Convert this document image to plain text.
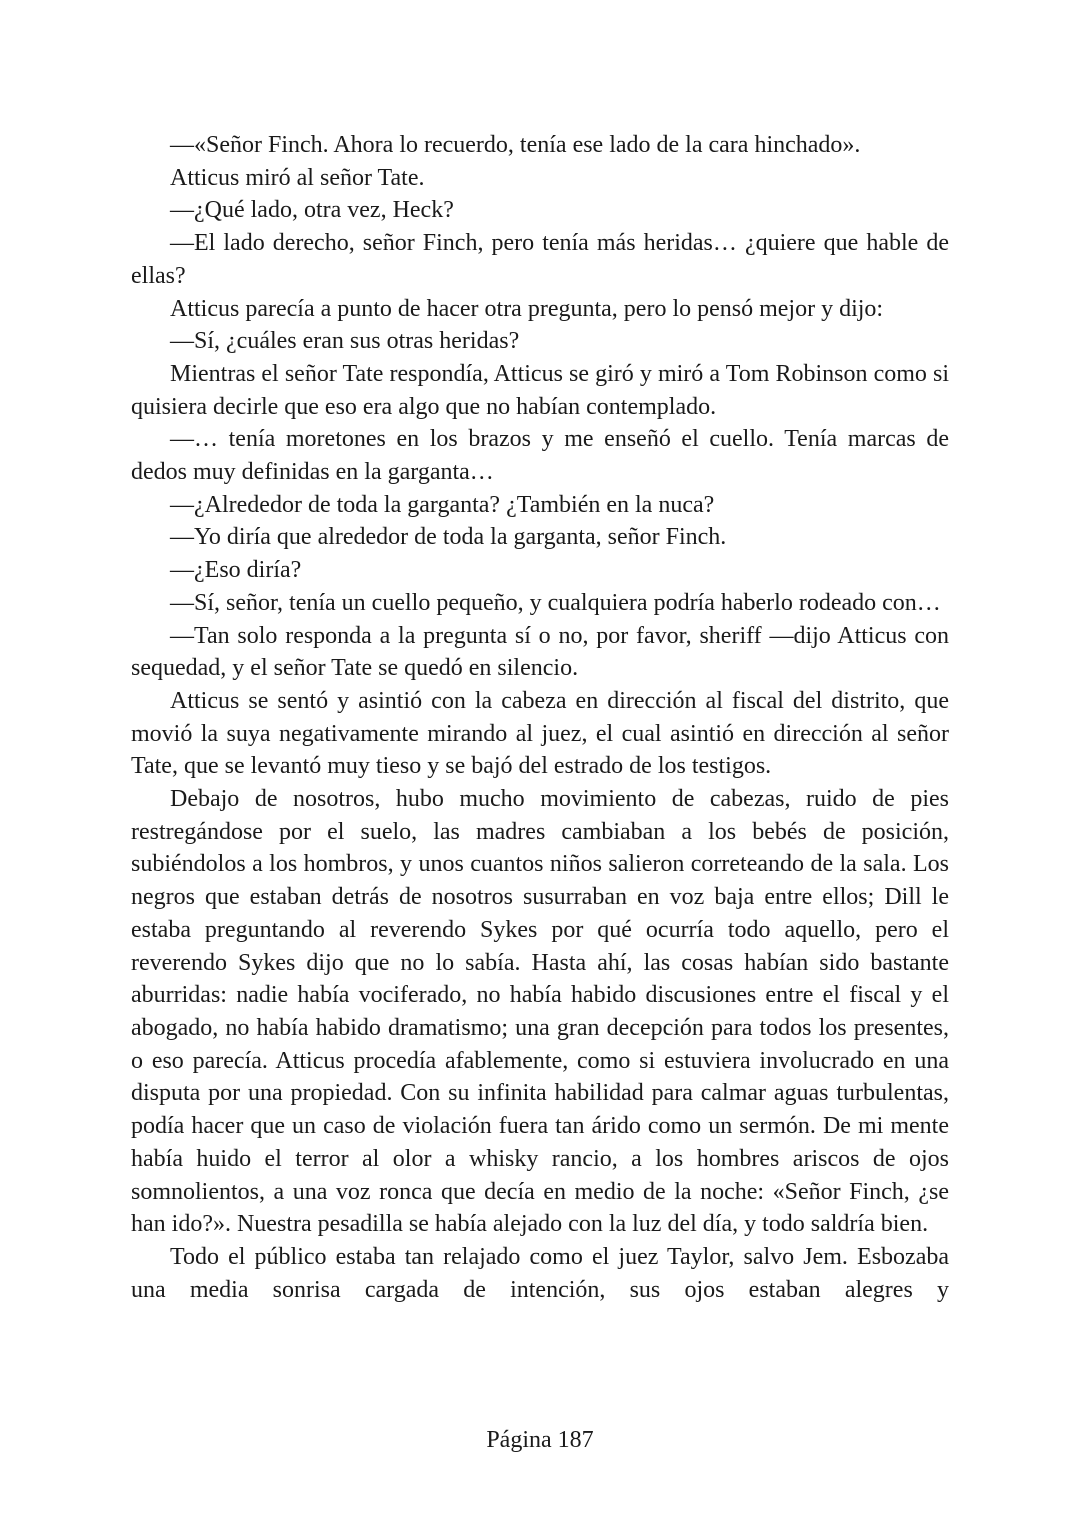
—«Señor Finch. Ahora lo recuerdo, tenía ese lado de la cara hinchado».

Atticus miró al señor Tate.

—¿Qué lado, otra vez, Heck?

—El lado derecho, señor Finch, pero tenía más heridas… ¿quiere que hable de ellas?

Atticus parecía a punto de hacer otra pregunta, pero lo pensó mejor y dijo:

—Sí, ¿cuáles eran sus otras heridas?

Mientras el señor Tate respondía, Atticus se giró y miró a Tom Robinson como si quisiera decirle que eso era algo que no habían contemplado.

—… tenía moretones en los brazos y me enseñó el cuello. Tenía marcas de dedos muy definidas en la garganta…

—¿Alrededor de toda la garganta? ¿También en la nuca?

—Yo diría que alrededor de toda la garganta, señor Finch.

—¿Eso diría?

—Sí, señor, tenía un cuello pequeño, y cualquiera podría haberlo rodeado con…

—Tan solo responda a la pregunta sí o no, por favor, sheriff —dijo Atticus con sequedad, y el señor Tate se quedó en silencio.

Atticus se sentó y asintió con la cabeza en dirección al fiscal del distrito, que movió la suya negativamente mirando al juez, el cual asintió en dirección al señor Tate, que se levantó muy tieso y se bajó del estrado de los testigos.

Debajo de nosotros, hubo mucho movimiento de cabezas, ruido de pies restregándose por el suelo, las madres cambiaban a los bebés de posición, subiéndolos a los hombros, y unos cuantos niños salieron correteando de la sala. Los negros que estaban detrás de nosotros susurraban en voz baja entre ellos; Dill le estaba preguntando al reverendo Sykes por qué ocurría todo aquello, pero el reverendo Sykes dijo que no lo sabía. Hasta ahí, las cosas habían sido bastante aburridas: nadie había vociferado, no había habido discusiones entre el fiscal y el abogado, no había habido dramatismo; una gran decepción para todos los presentes, o eso parecía. Atticus procedía afablemente, como si estuviera involucrado en una disputa por una propiedad. Con su infinita habilidad para calmar aguas turbulentas, podía hacer que un caso de violación fuera tan árido como un sermón. De mi mente había huido el terror al olor a whisky rancio, a los hombres ariscos de ojos somnolientos, a una voz ronca que decía en medio de la noche: «Señor Finch, ¿se han ido?». Nuestra pesadilla se había alejado con la luz del día, y todo saldría bien.

Todo el público estaba tan relajado como el juez Taylor, salvo Jem. Esbozaba una media sonrisa cargada de intención, sus ojos estaban alegres y

Página 187
